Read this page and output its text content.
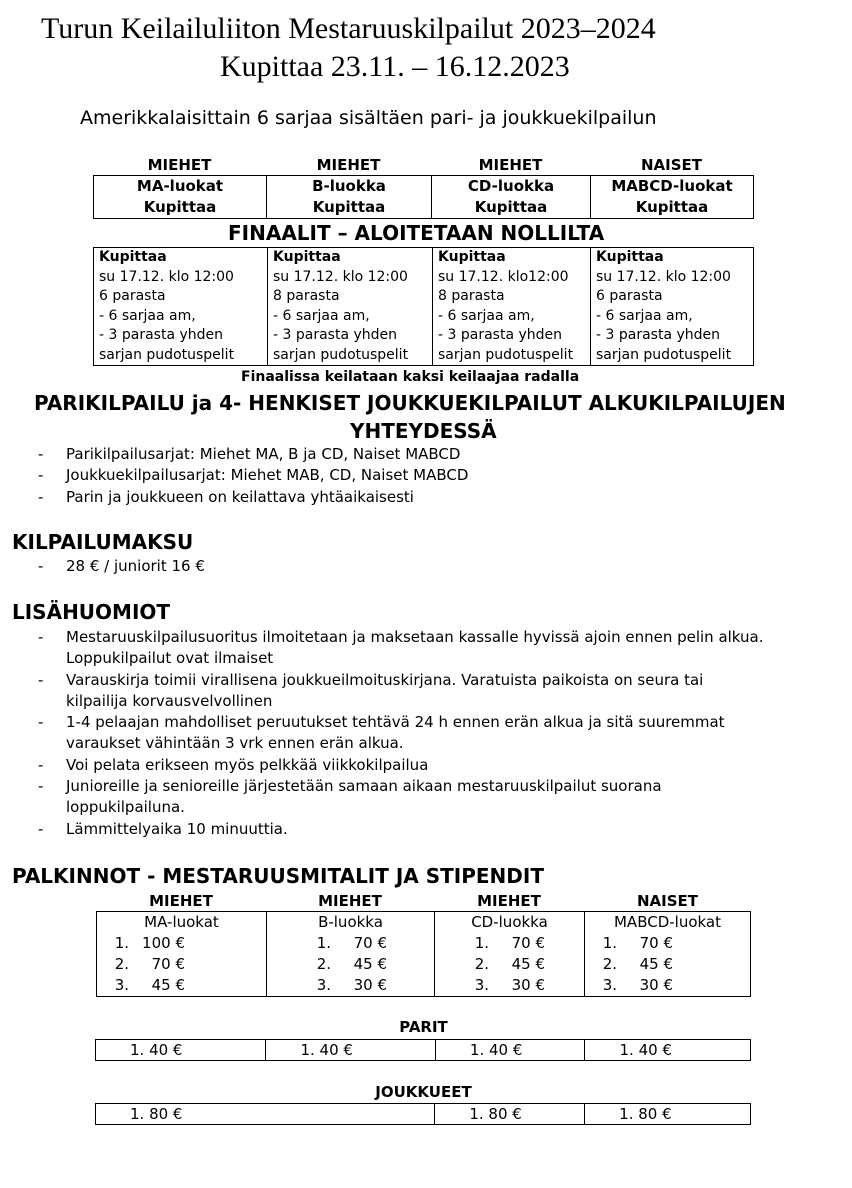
Turun Keilailuliiton Mestaruuskilpailut 2023–2024
Kupittaa 23.11. – 16.12.2023
Amerikkalaisittain 6 sarjaa sisältäen pari- ja joukkuekilpailun
MIEHET	MIEHET	MIEHET	NAISET
MA-luokat
Kupittaa

B-luokka
Kupittaa

CD-luokka
Kupittaa

MABCD-luokat
Kupittaa
FINAALIT – ALOITETAAN NOLLILTA
Kupittaa
su 17.12. klo 12:00
6 parasta
- 6 sarjaa am,
- 3 parasta yhden
sarjan pudotuspelit

Kupittaa
su 17.12. klo 12:00
8 parasta
- 6 sarjaa am,
- 3 parasta yhden
sarjan pudotuspelit

Kupittaa
su 17.12. klo12:00
8 parasta
- 6 sarjaa am,
- 3 parasta yhden
sarjan pudotuspelit

Kupittaa
su 17.12. klo 12:00
6 parasta
- 6 sarjaa am,
- 3 parasta yhden
sarjan pudotuspelit
Finaalissa keilataan kaksi keilaajaa radalla
PARIKILPAILU ja 4- HENKISET JOUKKUEKILPAILUT ALKUKILPAILUJEN
YHTEYDESSÄ
- Parikilpailusarjat: Miehet MA, B ja CD, Naiset MABCD
- Joukkuekilpailusarjat: Miehet MAB, CD, Naiset MABCD
- Parin ja joukkueen on keilattava yhtäaikaisesti
KILPAILUMAKSU
- 28 € / juniorit 16 €
LISÄHUOMIOT
- Mestaruuskilpailusuoritus ilmoitetaan ja maksetaan kassalle hyvissä ajoin ennen pelin alkua.
Loppukilpailut ovat ilmaiset
- Varauskirja toimii virallisena joukkueilmoituskirjana. Varatuista paikoista on seura tai
kilpailija korvausvelvollinen
- 1-4 pelaajan mahdolliset peruutukset tehtävä 24 h ennen erän alkua ja sitä suuremmat
varaukset vähintään 3 vrk ennen erän alkua.
- Voi pelata erikseen myös pelkkää viikkokilpailua
- Junioreille ja senioreille järjestetään samaan aikaan mestaruuskilpailut suorana
loppukilpailuna.
- Lämmittelyaika 10 minuuttia.
PALKINNOT - MESTARUUSMITALIT JA STIPENDIT
MIEHET	MIEHET	MIEHET	NAISET
MA-luokat
1. 100 €
2.	70 €
3.	45 €

B-luokka
1.	70 €
2.	45 €
3.	30 €

CD-luokka
1.	70 €
2.	45 €
3.	30 €

MABCD-luokat
1.	70 €
2.	45 €
3.	30 €
PARIT
1. 40 €	1. 40 €	1. 40 €	1. 40 €
JOUKKUEET
1. 80 €	1. 80 €	1. 80 €
